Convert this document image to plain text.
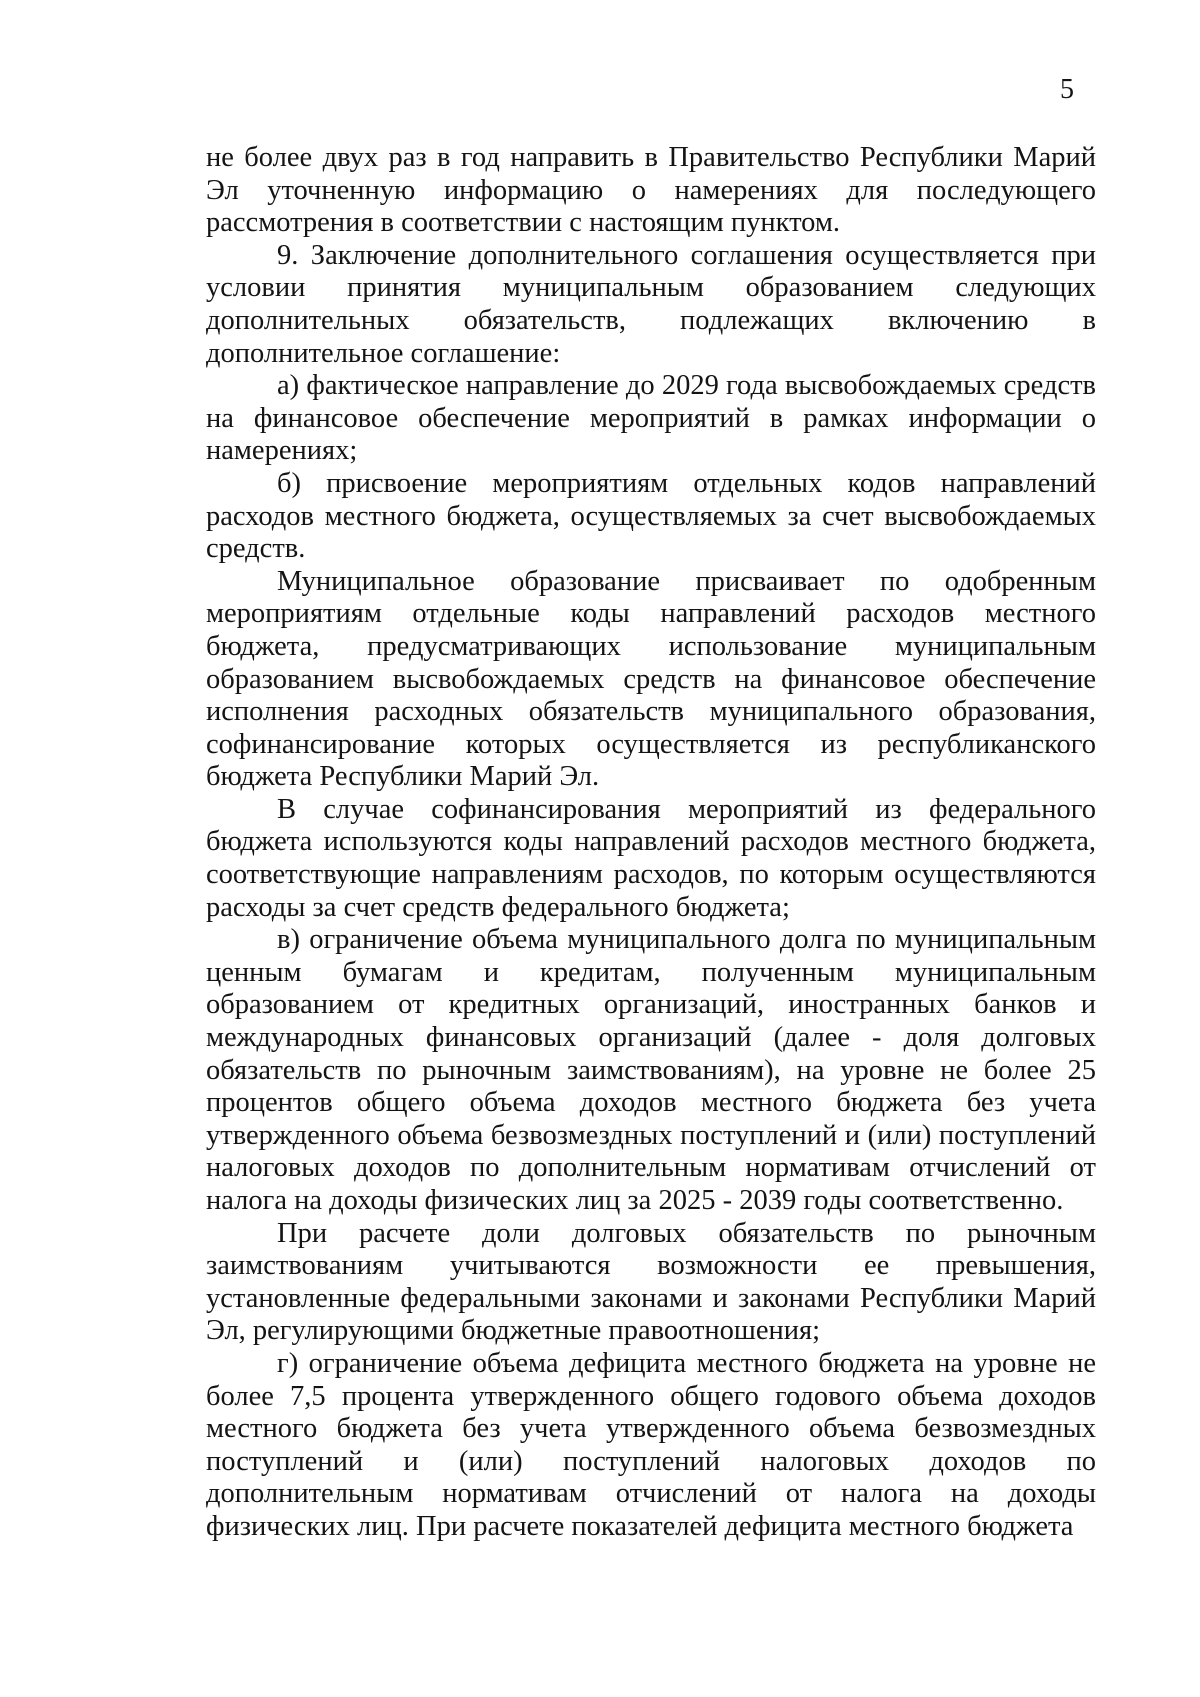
5

не более двух раз в год направить в Правительство Республики Марий Эл уточненную информацию о намерениях для последующего рассмотрения в соответствии с настоящим пунктом.

9. Заключение дополнительного соглашения осуществляется при условии принятия муниципальным образованием следующих дополнительных обязательств, подлежащих включению в дополнительное соглашение:

а) фактическое направление до 2029 года высвобождаемых средств на финансовое обеспечение мероприятий в рамках информации о намерениях;

б) присвоение мероприятиям отдельных кодов направлений расходов местного бюджета, осуществляемых за счет высвобождаемых средств.

Муниципальное образование присваивает по одобренным мероприятиям отдельные коды направлений расходов местного бюджета, предусматривающих использование муниципальным образованием высвобождаемых средств на финансовое обеспечение исполнения расходных обязательств муниципального образования, софинансирование которых осуществляется из республиканского бюджета Республики Марий Эл.

В случае софинансирования мероприятий из федерального бюджета используются коды направлений расходов местного бюджета, соответствующие направлениям расходов, по которым осуществляются расходы за счет средств федерального бюджета;

в) ограничение объема муниципального долга по муниципальным ценным бумагам и кредитам, полученным муниципальным образованием от кредитных организаций, иностранных банков и международных финансовых организаций (далее - доля долговых обязательств по рыночным заимствованиям), на уровне не более 25 процентов общего объема доходов местного бюджета без учета утвержденного объема безвозмездных поступлений и (или) поступлений налоговых доходов по дополнительным нормативам отчислений от налога на доходы физических лиц за 2025 - 2039 годы соответственно.

При расчете доли долговых обязательств по рыночным заимствованиям учитываются возможности ее превышения, установленные федеральными законами и законами Республики Марий Эл, регулирующими бюджетные правоотношения;

г) ограничение объема дефицита местного бюджета на уровне не более 7,5 процента утвержденного общего годового объема доходов местного бюджета без учета утвержденного объема безвозмездных поступлений и (или) поступлений налоговых доходов по дополнительным нормативам отчислений от налога на доходы физических лиц. При расчете показателей дефицита местного бюджета
